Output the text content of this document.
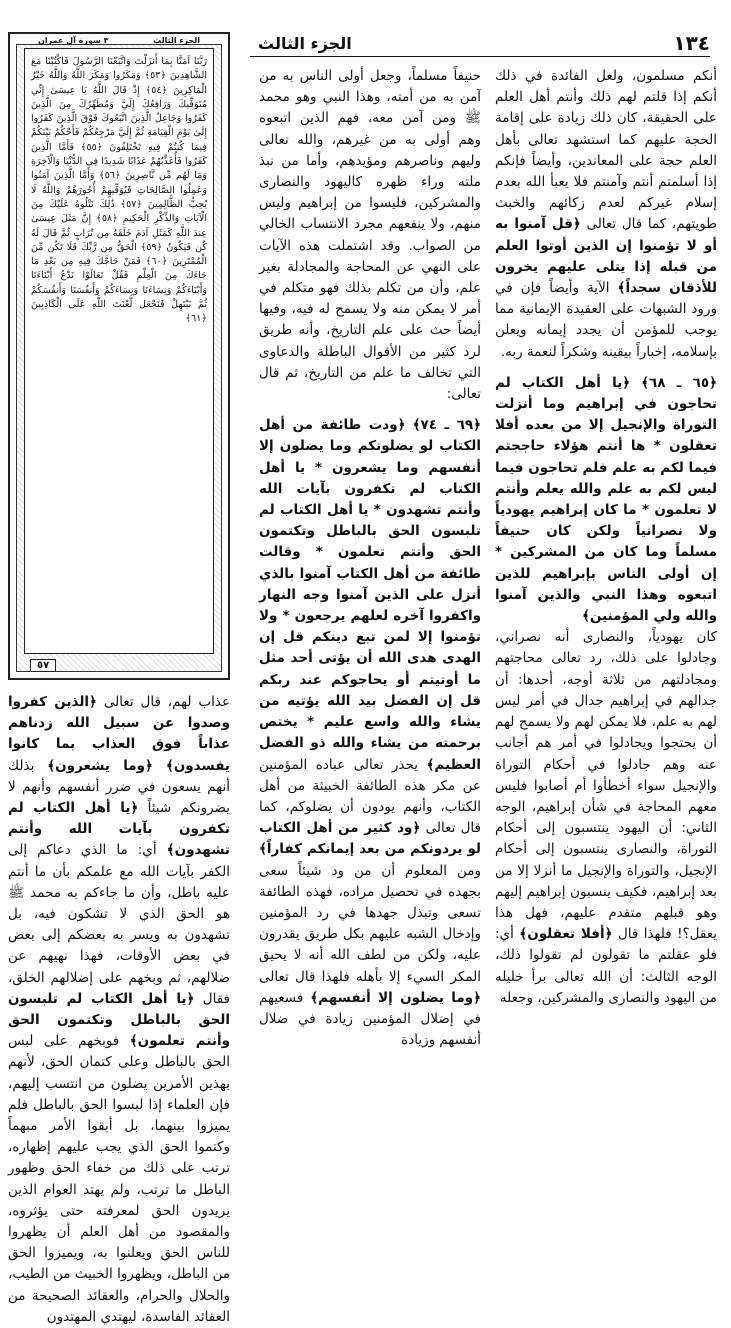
١٣٤
الجزء الثالث
الجزء الثالث
٣ سورة آل عمران
رَبَّنَا آمَنَّا بِمَا أَنزَلْتَ وَاتَّبَعْنَا الرَّسُولَ فَاكْتُبْنَا مَعَ الشَّاهِدِينَ ﴿٥٣﴾ وَمَكَرُوا وَمَكَرَ اللَّهُ وَاللَّهُ خَيْرُ الْمَاكِرِينَ ﴿٥٤﴾ إِذْ قَالَ اللَّهُ يَا عِيسَىٰ إِنِّي مُتَوَفِّيكَ وَرَافِعُكَ إِلَيَّ وَمُطَهِّرُكَ مِنَ الَّذِينَ كَفَرُوا وَجَاعِلُ الَّذِينَ اتَّبَعُوكَ فَوْقَ الَّذِينَ كَفَرُوا إِلَىٰ يَوْمِ الْقِيَامَةِ ثُمَّ إِلَيَّ مَرْجِعُكُمْ فَأَحْكُمُ بَيْنَكُمْ فِيمَا كُنتُمْ فِيهِ تَخْتَلِفُونَ ﴿٥٥﴾ فَأَمَّا الَّذِينَ كَفَرُوا فَأُعَذِّبُهُمْ عَذَابًا شَدِيدًا فِي الدُّنْيَا وَالْآخِرَةِ وَمَا لَهُم مِّن نَّاصِرِينَ ﴿٥٦﴾ وَأَمَّا الَّذِينَ آمَنُوا وَعَمِلُوا الصَّالِحَاتِ فَيُوَفِّيهِمْ أُجُورَهُمْ وَاللَّهُ لَا يُحِبُّ الظَّالِمِينَ ﴿٥٧﴾ ذَٰلِكَ نَتْلُوهُ عَلَيْكَ مِنَ الْآيَاتِ وَالذِّكْرِ الْحَكِيمِ ﴿٥٨﴾ إِنَّ مَثَلَ عِيسَىٰ عِندَ اللَّهِ كَمَثَلِ آدَمَ خَلَقَهُ مِن تُرَابٍ ثُمَّ قَالَ لَهُ كُن فَيَكُونُ ﴿٥٩﴾ الْحَقُّ مِن رَّبِّكَ فَلَا تَكُن مِّنَ الْمُمْتَرِينَ ﴿٦٠﴾ فَمَنْ حَاجَّكَ فِيهِ مِن بَعْدِ مَا جَاءَكَ مِنَ الْعِلْمِ فَقُلْ تَعَالَوْا نَدْعُ أَبْنَاءَنَا وَأَبْنَاءَكُمْ وَنِسَاءَنَا وَنِسَاءَكُمْ وَأَنفُسَنَا وَأَنفُسَكُمْ ثُمَّ نَبْتَهِلْ فَنَجْعَل لَّعْنَتَ اللَّهِ عَلَى الْكَاذِبِينَ ﴿٦١﴾
٥٧

أنكم مسلمون، ولعل الفائدة في ذلك أنكم إذا قلتم لهم ذلك وأنتم أهل العلم على الحقيقة، كان ذلك زيادة على إقامة الحجة عليهم كما استشهد تعالى بأهل العلم حجة على المعاندين، وأيضاً فإنكم إذا أسلمتم أنتم وآمنتم فلا يعبأ الله بعدم إسلام غيركم لعدم زكائهم والخبث طويتهم، كما قال تعالى ﴿قل آمنوا به أو لا تؤمنوا إن الذين أوتوا العلم من قبله إذا يتلى عليهم يخرون للأذقان سجداً﴾ الآية وأيضاً فإن في ورود الشبهات على العقيدة الإيمانية مما يوجب للمؤمن أن يجدد إيمانه ويعلن بإسلامه، إخباراً بيقينه وشكراً لنعمة ربه.

﴿٦٥ ـ ٦٨﴾ ﴿يا أهل الكتاب لم تحاجون في إبراهيم وما أنزلت التوراة والإنجيل إلا من بعده أفلا تعقلون * ها أنتم هؤلاء حاججتم فيما لكم به علم فلم تحاجون فيما ليس لكم به علم والله يعلم وأنتم لا تعلمون * ما كان إبراهيم يهودياً ولا نصرانياً ولكن كان حنيفاً مسلماً وما كان من المشركين * إن أولى الناس بإبراهيم للذين اتبعوه وهذا النبي والذين آمنوا والله ولي المؤمنين﴾

كان يهودياً، والنصارى أنه نصراني، وجادلوا على ذلك، رد تعالى محاجتهم ومجادلتهم من ثلاثة أوجه، أحدها: أن جدالهم في إبراهيم جدال في أمر ليس لهم به علم، فلا يمكن لهم ولا يسمح لهم أن يحتجوا ويجادلوا في أمر هم أجانب عنه وهم جادلوا في أحكام التوراة والإنجيل سواء أخطأوا أم أصابوا فليس معهم المحاجة في شأن إبراهيم، الوجه الثاني: أن اليهود ينتسبون إلى أحكام التوراة، والنصارى ينتسبون إلى أحكام الإنجيل، والتوراة والإنجيل ما أنزلا إلا من بعد إبراهيم، فكيف ينسبون إبراهيم إليهم وهو قبلهم متقدم عليهم، فهل هذا يعقل؟! فلهذا قال ﴿أفلا تعقلون﴾ أي: فلو عقلتم ما تقولون لم تقولوا ذلك، الوجه الثالث: أن الله تعالى برأ خليله من اليهود والنصارى والمشركين، وجعله

حنيفاً مسلماً، وجعل أولى الناس به من آمن به من أمته، وهذا النبي وهو محمد ﷺ ومن آمن معه، فهم الذين اتبعوه وهم أولى به من غيرهم، والله تعالى وليهم وناصرهم ومؤيدهم، وأما من نبذ ملته وراء ظهره كاليهود والنصارى والمشركين، فليسوا من إبراهيم وليس منهم، ولا ينفعهم مجرد الانتساب الخالي من الصواب. وقد اشتملت هذه الآيات على النهي عن المحاجة والمجادلة بغير علم، وأن من تكلم بذلك فهو متكلم في أمر لا يمكن منه ولا يسمح له فيه، وفيها أيضاً حث على علم التاريخ، وأنه طريق لرد كثير من الأقوال الباطلة والدعاوى التي تخالف ما علم من التاريخ، ثم قال تعالى:

﴿٦٩ ـ ٧٤﴾ ﴿ودت طائفة من أهل الكتاب لو يضلونكم وما يضلون إلا أنفسهم وما يشعرون * يا أهل الكتاب لم تكفرون بآيات الله وأنتم تشهدون * يا أهل الكتاب لم تلبسون الحق بالباطل وتكتمون الحق وأنتم تعلمون * وقالت طائفة من أهل الكتاب آمنوا بالذي أنزل على الذين آمنوا وجه النهار واكفروا آخره لعلهم يرجعون * ولا تؤمنوا إلا لمن تبع دينكم قل إن الهدى هدى الله أن يؤتى أحد مثل ما أوتيتم أو يحاجوكم عند ربكم قل إن الفضل بيد الله يؤتيه من يشاء والله واسع عليم * يختص برحمته من يشاء والله ذو الفضل العظيم﴾ يحذر تعالى عباده المؤمنين عن مكر هذه الطائفة الخبيثة من أهل الكتاب، وأنهم يودون أن يضلوكم، كما قال تعالى ﴿ود كثير من أهل الكتاب لو يردونكم من بعد إيمانكم كفاراً﴾ ومن المعلوم أن من ود شيئاً سعى بجهده في تحصيل مراده، فهذه الطائفة تسعى وتبذل جهدها في رد المؤمنين وإدخال الشبه عليهم بكل طريق يقدرون عليه، ولكن من لطف الله أنه لا يحيق المكر السيء إلا بأهله فلهذا قال تعالى ﴿وما يضلون إلا أنفسهم﴾ فسعيهم في إضلال المؤمنين زيادة في ضلال أنفسهم وزيادة

عذاب لهم، قال تعالى ﴿الذين كفروا وصدوا عن سبيل الله زدناهم عذاباً فوق العذاب بما كانوا يفسدون﴾ ﴿وما يشعرون﴾ بذلك أنهم يسعون في ضرر أنفسهم وأنهم لا يضرونكم شيئاً ﴿يا أهل الكتاب لم تكفرون بآيات الله وأنتم تشهدون﴾ أي: ما الذي دعاكم إلى الكفر بآيات الله مع علمكم بأن ما أنتم عليه باطل، وأن ما جاءكم به محمد ﷺ هو الحق الذي لا تشكون فيه، بل تشهدون به ويسر به بعضكم إلى بعض في بعض الأوقات، فهذا نهيهم عن ضلالهم، ثم وبخهم على إضلالهم الخلق، فقال ﴿يا أهل الكتاب لم تلبسون الحق بالباطل وتكتمون الحق وأنتم تعلمون﴾ فوبخهم على لبس الحق بالباطل وعلى كتمان الحق، لأنهم بهذين الأمرين يضلون من انتسب إليهم، فإن العلماء إذا لبسوا الحق بالباطل فلم يميزوا بينهما، بل أبقوا الأمر مبهماً وكتموا الحق الذي يجب عليهم إظهاره، ترتب على ذلك من خفاء الحق وظهور الباطل ما ترتب، ولم يهتد العوام الذين يريدون الحق لمعرفته حتى يؤثروه، والمقصود من أهل العلم أن يظهروا للناس الحق ويعلنوا به، ويميزوا الحق من الباطل، ويظهروا الخبيث من الطيب، والحلال والحرام، والعقائد الصحيحة من العقائد الفاسدة، ليهتدي المهتدون
